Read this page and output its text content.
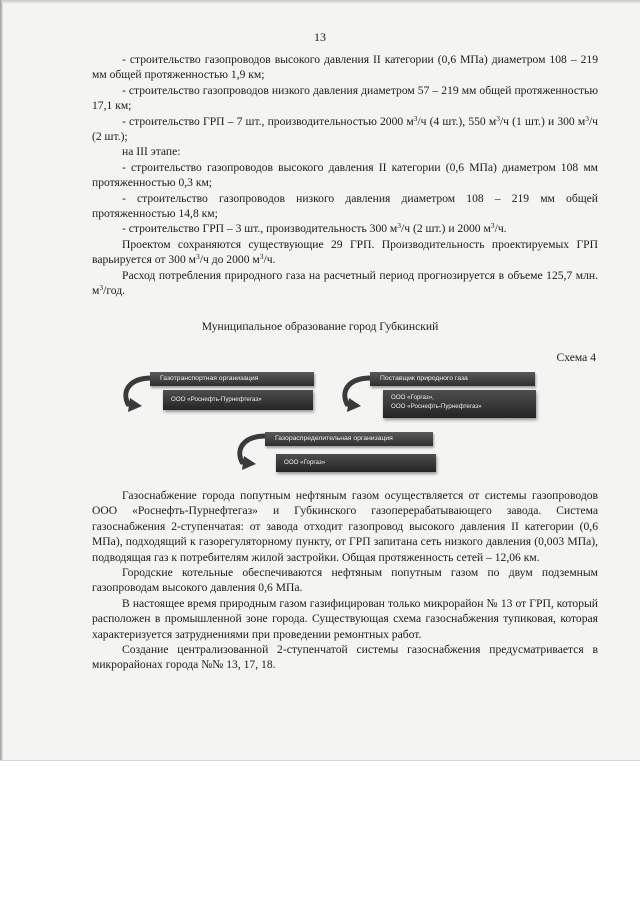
13

- строительство газопроводов высокого давления II категории (0,6 МПа) диаметром 108 – 219 мм общей протяженностью 1,9 км;

- строительство газопроводов низкого давления диаметром 57 – 219 мм общей протяженностью 17,1 км;

- строительство ГРП – 7 шт., производительностью 2000 $м^3/ч$ (4 шт.), 550 $м^3/ч$ (1 шт.) и 300 $м^3/ч$ (2 шт.);

на III этапе:

- строительство газопроводов высокого давления II категории (0,6 МПа) диаметром 108 мм протяженностью 0,3 км;

- строительство газопроводов низкого давления диаметром 108 – 219 мм общей протяженностью 14,8 км;

- строительство ГРП – 3 шт., производительность 300 $м^3/ч$ (2 шт.) и 2000 $м^3/ч$.

Проектом сохраняются существующие 29 ГРП. Производительность проектируемых ГРП варьируется от 300 $м^3/ч$ до 2000 $м^3/ч$.

Расход потребления природного газа на расчетный период прогнозируется в объеме 125,7 млн. $м^3$/год.

Муниципальное образование город Губкинский
Схема 4
Газотранспортная организация
ООО «Роснефть-Пурнефтегаз»
Поставщик природного газа
ООО «Горгаз»,
ООО «Роснефть-Пурнефтегаз»
Газораспределительная организация
ООО «Горгаз»

Газоснабжение города попутным нефтяным газом осуществляется от системы газопроводов ООО «Роснефть-Пурнефтегаз» и Губкинского газоперерабатывающего завода. Система газоснабжения 2-ступенчатая: от завода отходит газопровод высокого давления II категории (0,6 МПа), подходящий к газорегуляторному пункту, от ГРП запитана сеть низкого давления (0,003 МПа), подводящая газ к потребителям жилой застройки. Общая протяженность сетей – 12,06 км.

Городские котельные обеспечиваются нефтяным попутным газом по двум подземным газопроводам высокого давления 0,6 МПа.

В настоящее время природным газом газифицирован только микрорайон № 13 от ГРП, который расположен в промышленной зоне города. Существующая схема газоснабжения тупиковая, которая характеризуется затруднениями при проведении ремонтных работ.

Создание централизованной 2-ступенчатой системы газоснабжения предусматривается в микрорайонах города №№ 13, 17, 18.
